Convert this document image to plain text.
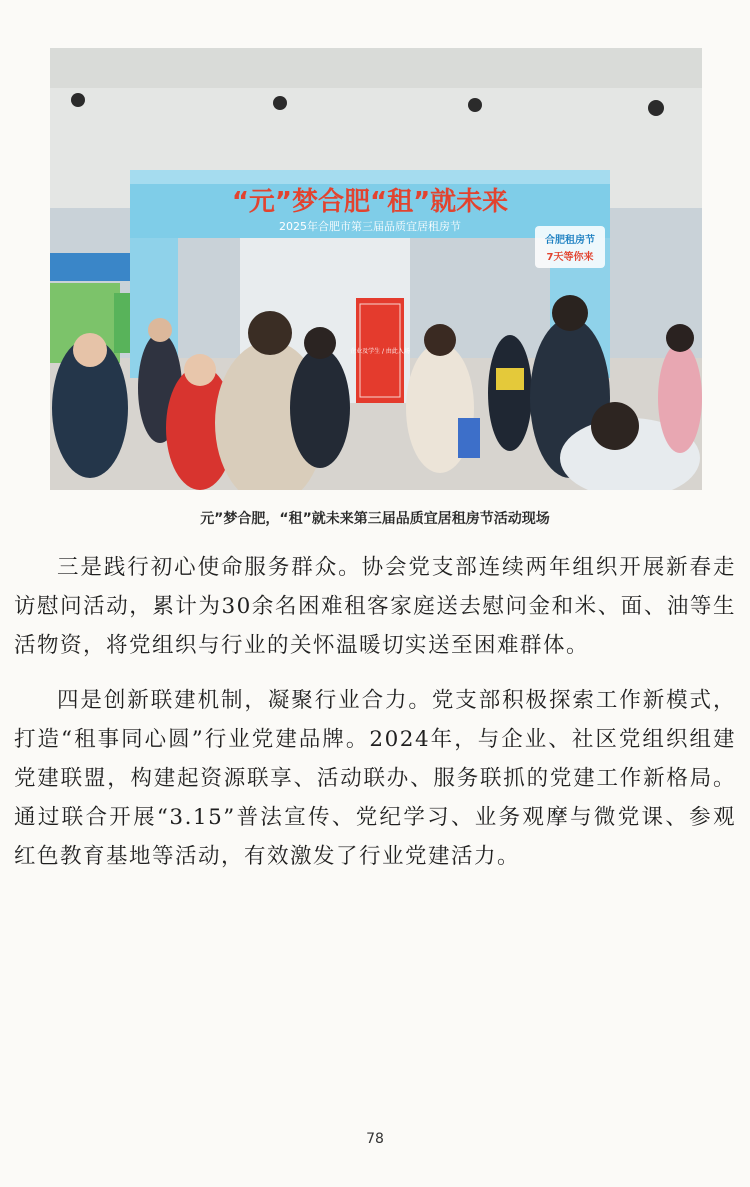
“元”梦合肥“租”就未来
2025年合肥市第三届品质宜居租房节
合肥租房节
7天等你来
企业及学生 / 由此入场
元”梦合肥，“租”就未来第三届品质宜居租房节活动现场

三是践行初心使命服务群众。协会党支部连续两年组织开展新春走访慰问活动，累计为30余名困难租客家庭送去慰问金和米、面、油等生活物资，将党组织与行业的关怀温暖切实送至困难群体。

四是创新联建机制，凝聚行业合力。党支部积极探索工作新模式，打造“租事同心圆”行业党建品牌。2024年，与企业、社区党组织组建党建联盟，构建起资源联享、活动联办、服务联抓的党建工作新格局。通过联合开展“3.15”普法宣传、党纪学习、业务观摩与微党课、参观红色教育基地等活动，有效激发了行业党建活力。

78
